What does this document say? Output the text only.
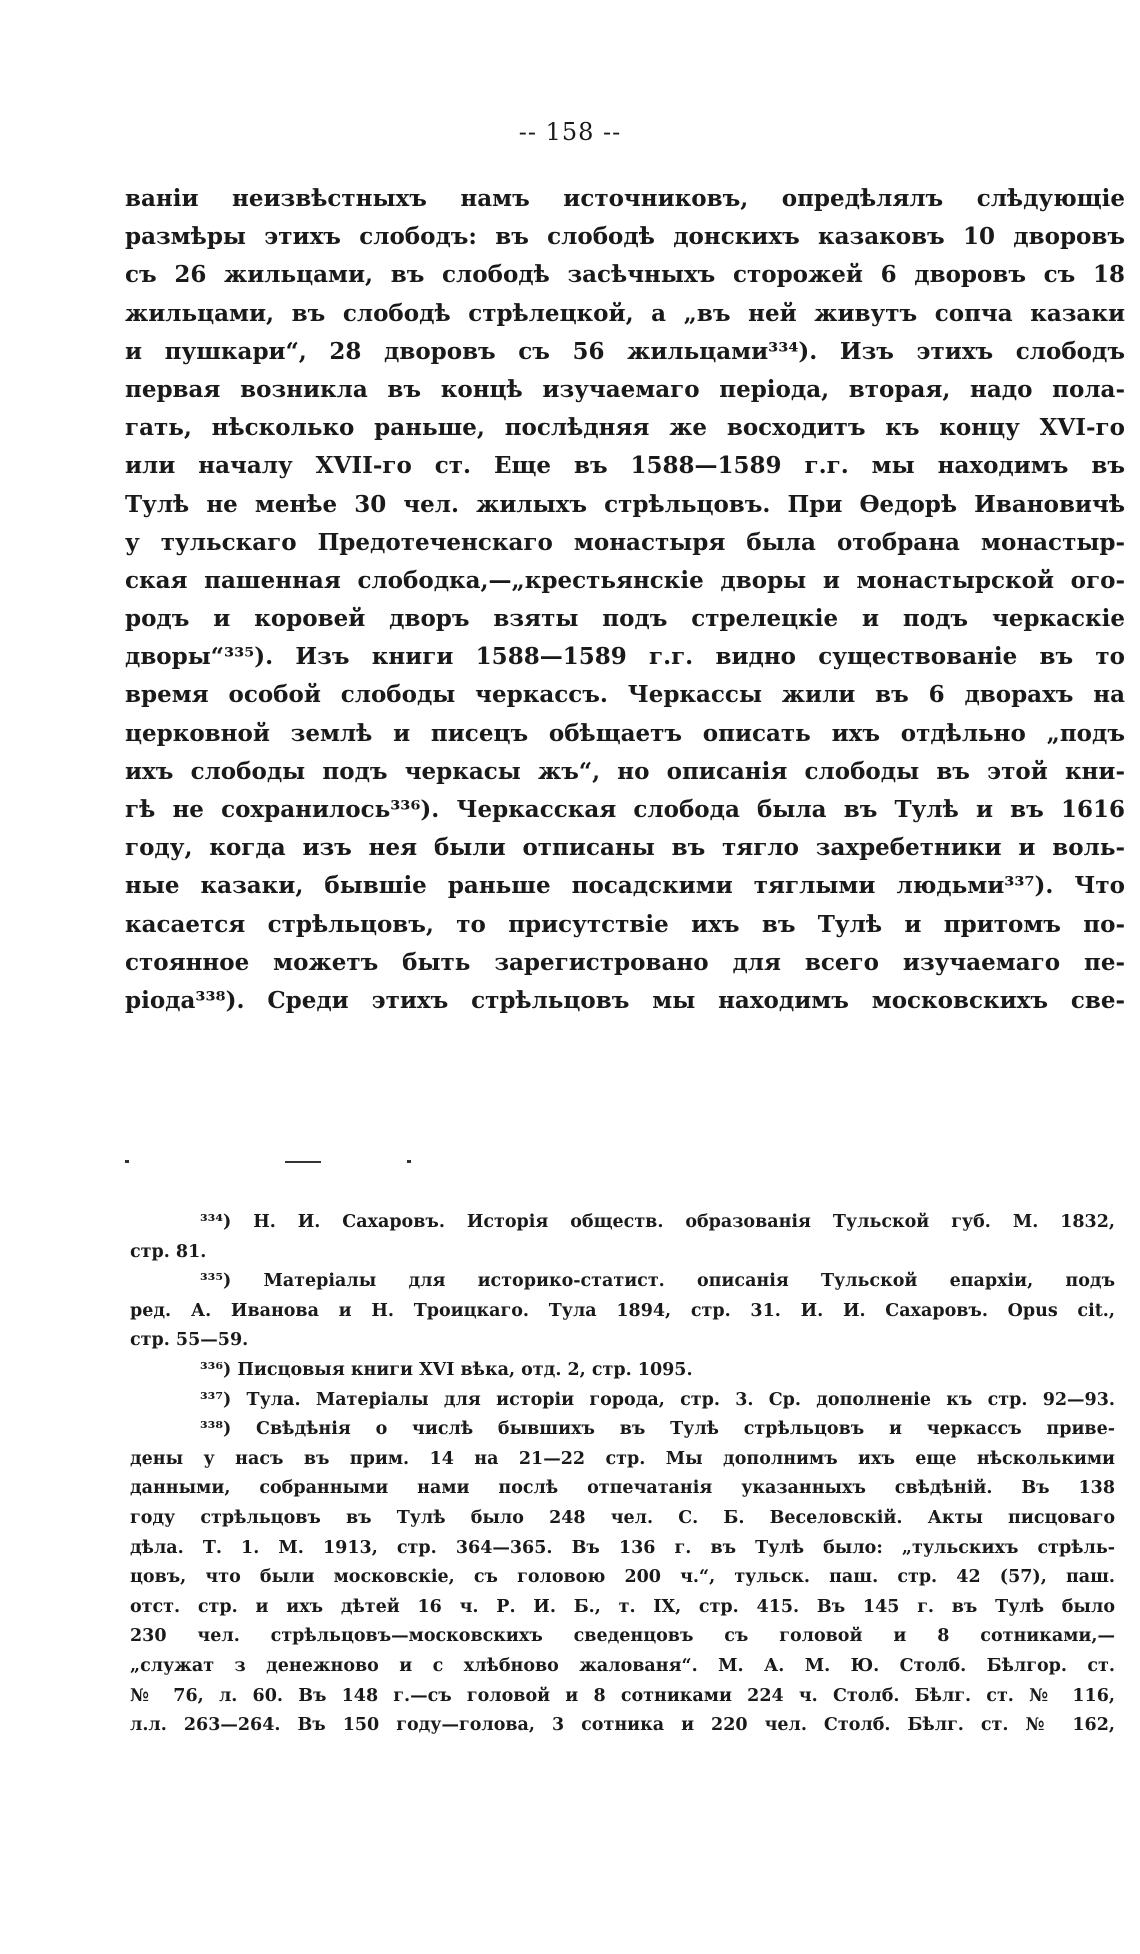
-- 158 --
ванiи неизвѣстныхъ намъ источниковъ, опредѣлялъ слѣдующiе
размѣры этихъ слободъ: въ слободѣ донскихъ казаковъ 10 дворовъ
съ 26 жильцами, въ слободѣ засѣчныхъ сторожей 6 дворовъ съ 18
жильцами, въ слободѣ стрѣлецкой, а „въ ней живутъ сопча казаки
и пушкари“, 28 дворовъ съ 56 жильцами³³⁴). Изъ этихъ слободъ
первая возникла въ концѣ изучаемаго перiода, вторая, надо пола-
гать, нѣсколько раньше, послѣдняя же восходитъ къ концу XVI-го
или началу XVII-го ст. Еще въ 1588—1589 г.г. мы находимъ въ
Тулѣ не менѣе 30 чел. жилыхъ стрѣльцовъ. При Өедорѣ Ивановичѣ
у тульскаго Предотеченскаго монастыря была отобрана монастыр-
ская пашенная слободка,—„крестьянскiе дворы и монастырской ого-
родъ и коровей дворъ взяты подъ стрелецкiе и подъ черкаскiе
дворы“³³⁵). Изъ книги 1588—1589 г.г. видно существованiе въ то
время особой слободы черкассъ. Черкассы жили въ 6 дворахъ на
церковной землѣ и писецъ обѣщаетъ описать ихъ отдѣльно „подъ
ихъ слободы подъ черкасы жъ“, но описанiя слободы въ этой кни-
гѣ не сохранилось³³⁶). Черкасская слобода была въ Тулѣ и въ 1616
году, когда изъ нея были отписаны въ тягло захребетники и воль-
ные казаки, бывшiе раньше посадскими тяглыми людьми³³⁷). Что
касается стрѣльцовъ, то присутствiе ихъ въ Тулѣ и притомъ по-
стоянное можетъ быть зарегистровано для всего изучаемаго пе-
рiода³³⁸). Среди этихъ стрѣльцовъ мы находимъ московскихъ све-
³³⁴) Н. И. Сахаровъ. Исторiя обществ. образованiя Тульской губ. М. 1832,
стр. 81.
³³⁵) Матерiалы для историко-статист. описанiя Тульской епархiи, подъ
ред. А. Иванова и Н. Троицкаго. Тула 1894, стр. 31. И. И. Сахаровъ. Opus cit.,
стр. 55—59.
³³⁶) Писцовыя книги XVI вѣка, отд. 2, стр. 1095.
³³⁷) Тула. Матерiалы для исторiи города, стр. 3. Ср. дополненiе къ стр. 92—93.
³³⁸) Свѣдѣнiя о числѣ бывшихъ въ Тулѣ стрѣльцовъ и черкассъ приве-
дены у насъ въ прим. 14 на 21—22 стр. Мы дополнимъ ихъ еще нѣсколькими
данными, собранными нами послѣ отпечатанiя указанныхъ свѣдѣнiй. Въ 138
году стрѣльцовъ въ Тулѣ было 248 чел. С. Б. Веселовскiй. Акты писцоваго
дѣла. Т. 1. М. 1913, стр. 364—365. Въ 136 г. въ Тулѣ было: „тульскихъ стрѣль-
цовъ, что были московскiе, съ головою 200 ч.“, тульск. паш. стр. 42 (57), паш.
отст. стр. и ихъ дѣтей 16 ч. Р. И. Б., т. IX, стр. 415. Въ 145 г. въ Тулѣ было
230 чел. стрѣльцовъ—московскихъ сведенцовъ съ головой и 8 сотниками,—
„служат з денежново и с хлѣбново жалованя“. М. А. М. Ю. Столб. Бѣлгор. ст.
№ 76, л. 60. Въ 148 г.—съ головой и 8 сотниками 224 ч. Столб. Бѣлг. ст. № 116,
л.л. 263—264. Въ 150 году—голова, 3 сотника и 220 чел. Столб. Бѣлг. ст. № 162,
